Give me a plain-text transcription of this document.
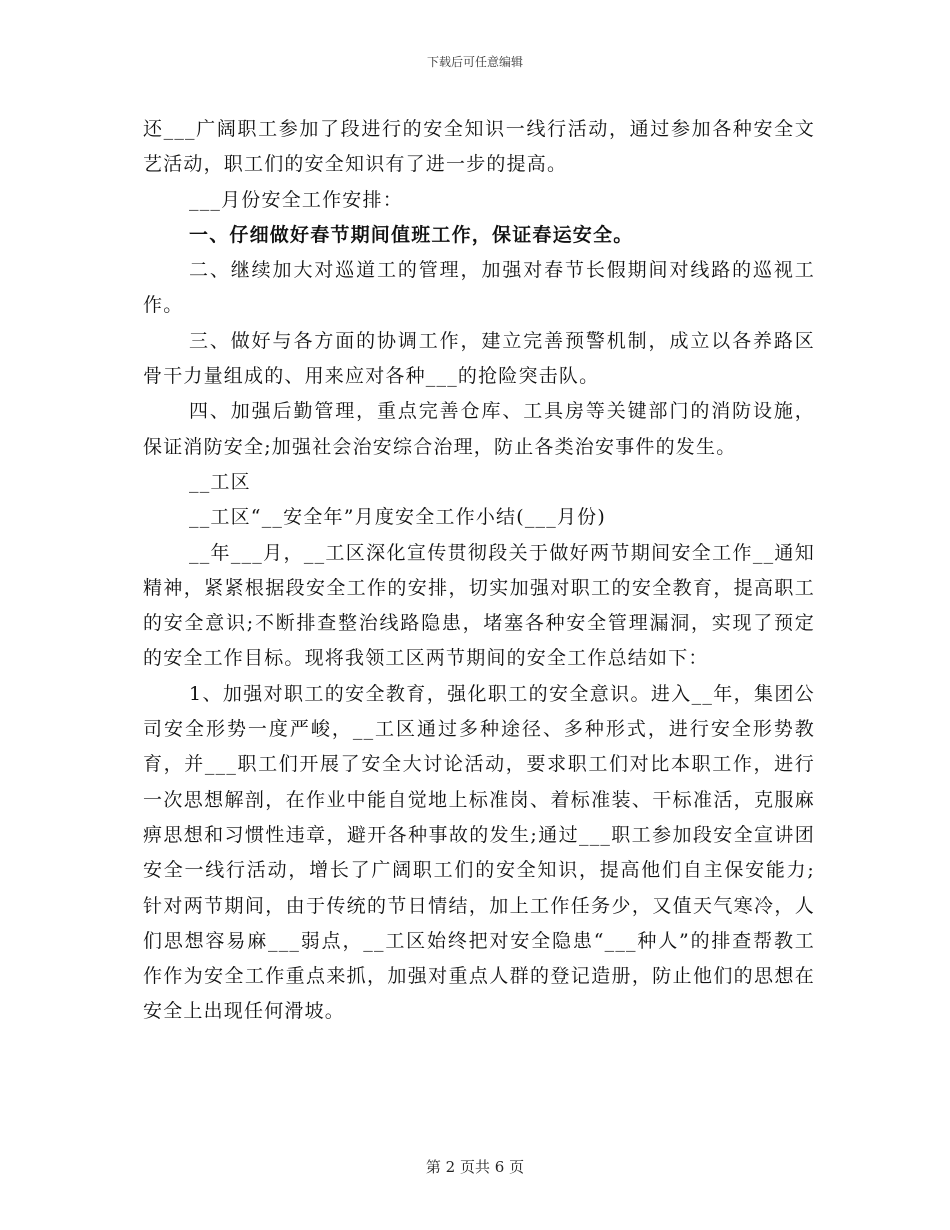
下载后可任意编辑

还___广阔职工参加了段进行的安全知识一线行活动，通过参加各种安全文艺活动，职工们的安全知识有了进一步的提高。

___月份安全工作安排：

一、仔细做好春节期间值班工作，保证春运安全。

二、继续加大对巡道工的管理，加强对春节长假期间对线路的巡视工作。

三、做好与各方面的协调工作，建立完善预警机制，成立以各养路区骨干力量组成的、用来应对各种___的抢险突击队。

四、加强后勤管理，重点完善仓库、工具房等关键部门的消防设施，保证消防安全;加强社会治安综合治理，防止各类治安事件的发生。

__工区

__工区“__安全年”月度安全工作小结(___月份)

__年___月，__工区深化宣传贯彻段关于做好两节期间安全工作__通知精神，紧紧根据段安全工作的安排，切实加强对职工的安全教育，提高职工的安全意识;不断排查整治线路隐患，堵塞各种安全管理漏洞，实现了预定的安全工作目标。现将我领工区两节期间的安全工作总结如下：

1、加强对职工的安全教育，强化职工的安全意识。进入__年，集团公司安全形势一度严峻，__工区通过多种途径、多种形式，进行安全形势教育，并___职工们开展了安全大讨论活动，要求职工们对比本职工作，进行一次思想解剖，在作业中能自觉地上标准岗、着标准装、干标准活，克服麻痹思想和习惯性违章，避开各种事故的发生;通过___职工参加段安全宣讲团安全一线行活动，增长了广阔职工们的安全知识，提高他们自主保安能力;针对两节期间，由于传统的节日情结，加上工作任务少，又值天气寒冷，人们思想容易麻___弱点，__工区始终把对安全隐患“___种人”的排查帮教工作作为安全工作重点来抓，加强对重点人群的登记造册，防止他们的思想在安全上出现任何滑坡。

第 2 页共 6 页
